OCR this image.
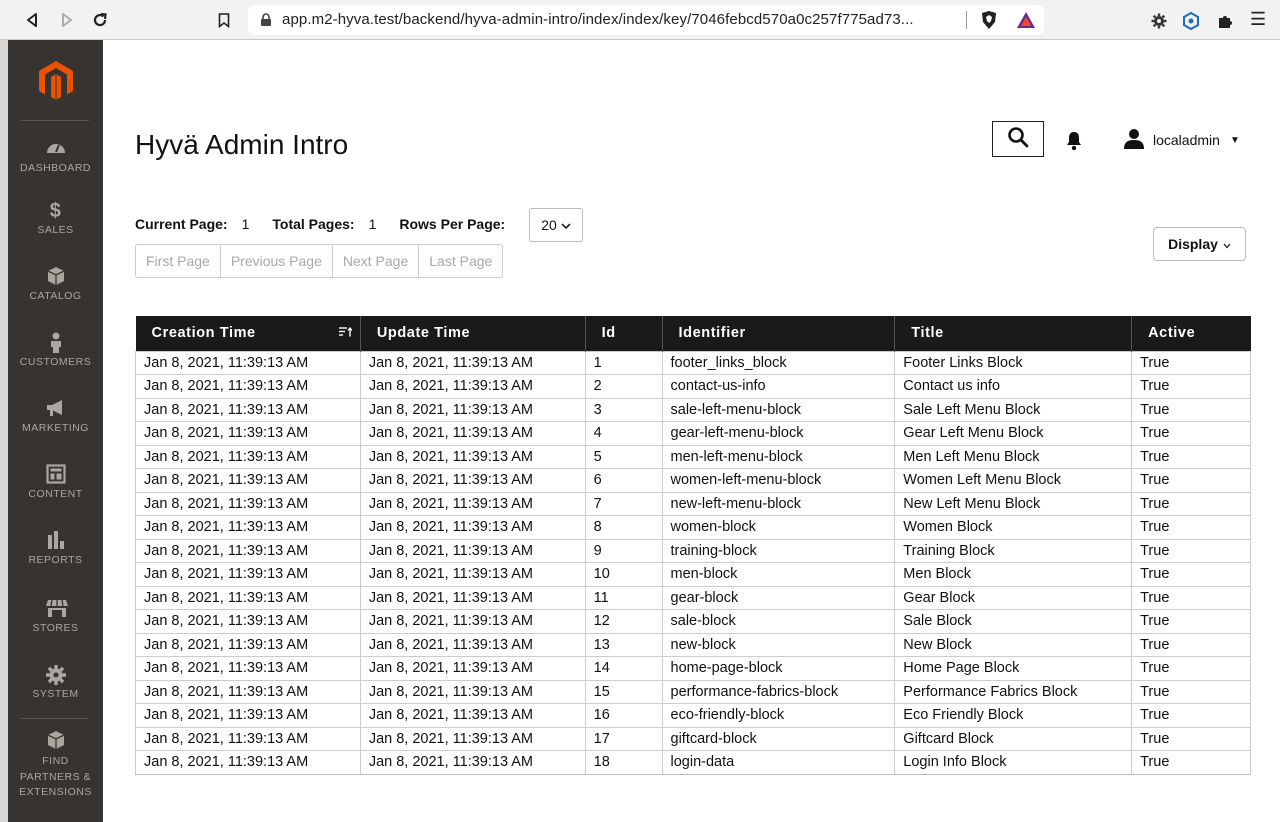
app.m2-hyva.test/backend/hyva-admin-intro/index/index/key/7046febcd570a0c257f775ad73...	☰
DASHBOARD
$
SALES
CATALOG
CUSTOMERS
MARKETING
CONTENT
REPORTS
STORES
SYSTEM
FIND PARTNERS & EXTENSIONS
Hyvä Admin Intro	localadmin ▼
Current Page: 1 Total Pages: 1 Rows Per Page:	20
First Page	Previous Page	Next Page	Last Page
Display
Creation Time	Update Time	Id	Identifier	Title	Active
Jan 8, 2021, 11:39:13 AM	Jan 8, 2021, 11:39:13 AM	1	footer_links_block	Footer Links Block	True
Jan 8, 2021, 11:39:13 AM	Jan 8, 2021, 11:39:13 AM	2	contact-us-info	Contact us info	True
Jan 8, 2021, 11:39:13 AM	Jan 8, 2021, 11:39:13 AM	3	sale-left-menu-block	Sale Left Menu Block	True
Jan 8, 2021, 11:39:13 AM	Jan 8, 2021, 11:39:13 AM	4	gear-left-menu-block	Gear Left Menu Block	True
Jan 8, 2021, 11:39:13 AM	Jan 8, 2021, 11:39:13 AM	5	men-left-menu-block	Men Left Menu Block	True
Jan 8, 2021, 11:39:13 AM	Jan 8, 2021, 11:39:13 AM	6	women-left-menu-block	Women Left Menu Block	True
Jan 8, 2021, 11:39:13 AM	Jan 8, 2021, 11:39:13 AM	7	new-left-menu-block	New Left Menu Block	True
Jan 8, 2021, 11:39:13 AM	Jan 8, 2021, 11:39:13 AM	8	women-block	Women Block	True
Jan 8, 2021, 11:39:13 AM	Jan 8, 2021, 11:39:13 AM	9	training-block	Training Block	True
Jan 8, 2021, 11:39:13 AM	Jan 8, 2021, 11:39:13 AM	10	men-block	Men Block	True
Jan 8, 2021, 11:39:13 AM	Jan 8, 2021, 11:39:13 AM	11	gear-block	Gear Block	True
Jan 8, 2021, 11:39:13 AM	Jan 8, 2021, 11:39:13 AM	12	sale-block	Sale Block	True
Jan 8, 2021, 11:39:13 AM	Jan 8, 2021, 11:39:13 AM	13	new-block	New Block	True
Jan 8, 2021, 11:39:13 AM	Jan 8, 2021, 11:39:13 AM	14	home-page-block	Home Page Block	True
Jan 8, 2021, 11:39:13 AM	Jan 8, 2021, 11:39:13 AM	15	performance-fabrics-block	Performance Fabrics Block	True
Jan 8, 2021, 11:39:13 AM	Jan 8, 2021, 11:39:13 AM	16	eco-friendly-block	Eco Friendly Block	True
Jan 8, 2021, 11:39:13 AM	Jan 8, 2021, 11:39:13 AM	17	giftcard-block	Giftcard Block	True
Jan 8, 2021, 11:39:13 AM	Jan 8, 2021, 11:39:13 AM	18	login-data	Login Info Block	True
